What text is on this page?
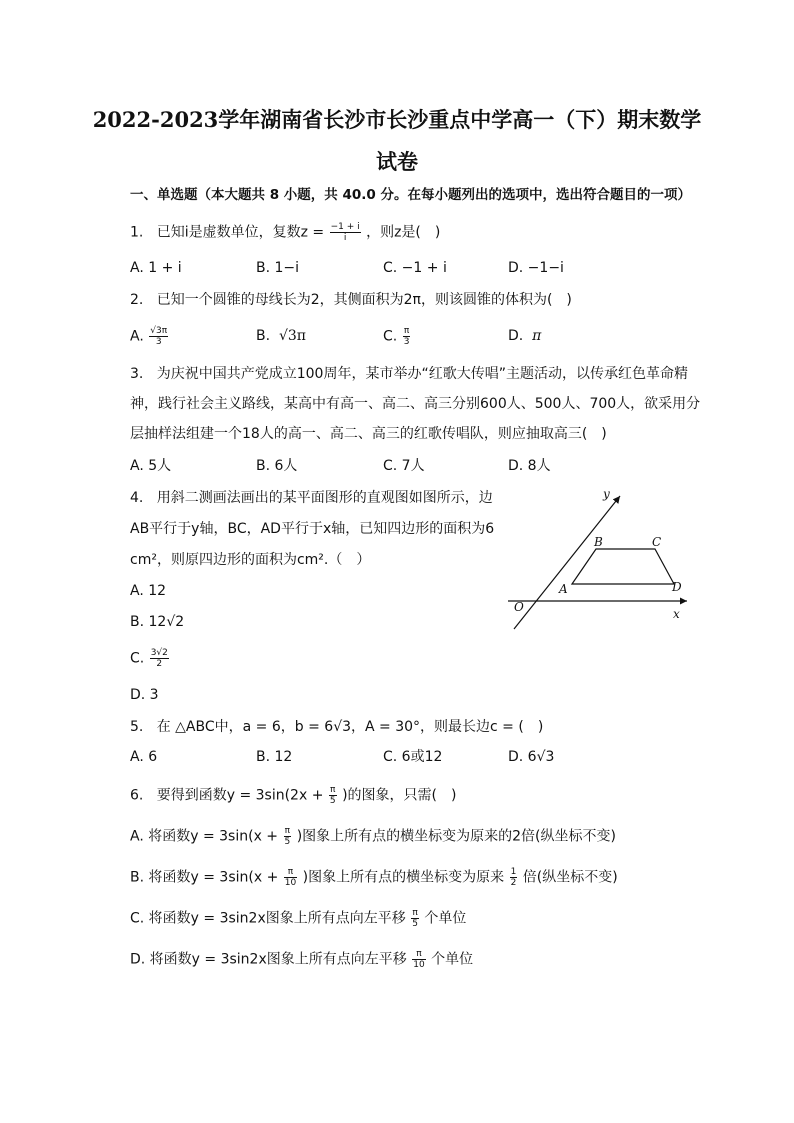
2022-2023学年湖南省长沙市长沙重点中学高一（下）期末数学
试卷
一、单选题（本大题共 8 小题，共 40.0 分。在每小题列出的选项中，选出符合题目的一项）
1. 已知i是虚数单位，复数$z = \frac{-1 + i}{i}$ ，则z是(　)
A. 1 + i	B. 1−i	C. −1 + i	D. −1−i
2. 已知一个圆锥的母线长为2，其侧面积为2π，则该圆锥的体积为(　)
A. $\frac{√3\pi}{3}$	B. √3π	C. $\frac{\pi}{3}$	D. π
3. 为庆祝中国共产党成立100周年，某市举办“红歌大传唱”主题活动，以传承红色革命精
神，践行社会主义路线，某高中有高一、高二、高三分别600人、500人、700人，欲采用分
层抽样法组建一个18人的高一、高二、高三的红歌传唱队，则应抽取高三(　)
A. 5人	B. 6人	C. 7人	D. 8人
4. 用斜二测画法画出的某平面图形的直观图如图所示，边
AB平行于y轴，BC，AD平行于x轴，已知四边形的面积为6
cm²，则原四边形的面积为cm².（　）
A. 12
B. 12√2
C. $\frac{3√2}{2}$
D. 3
y
x
O
A
B	C
D
5. 在 △ABC中，a = 6，b = 6√3，A = 30°，则最长边c = (　)
A. 6	B. 12	C. 6或12	D. 6√3
6. 要得到函数$y = 3\sin(2x + \frac{\pi}{5}$ )的图象，只需(　)
A. 将函数$y = 3\sin(x + \frac{\pi}{5}$ )图象上所有点的横坐标变为原来的2倍(纵坐标不变)
B. 将函数$y = 3\sin(x + \frac{\pi}{10}$ )图象上所有点的横坐标变为原来 $\frac{1}{2}$ 倍(纵坐标不变)
C. 将函数y = 3sin2x图象上所有点向左平移 $\frac{\pi}{5}$ 个单位
D. 将函数y = 3sin2x图象上所有点向左平移 $\frac{\pi}{10}$ 个单位
